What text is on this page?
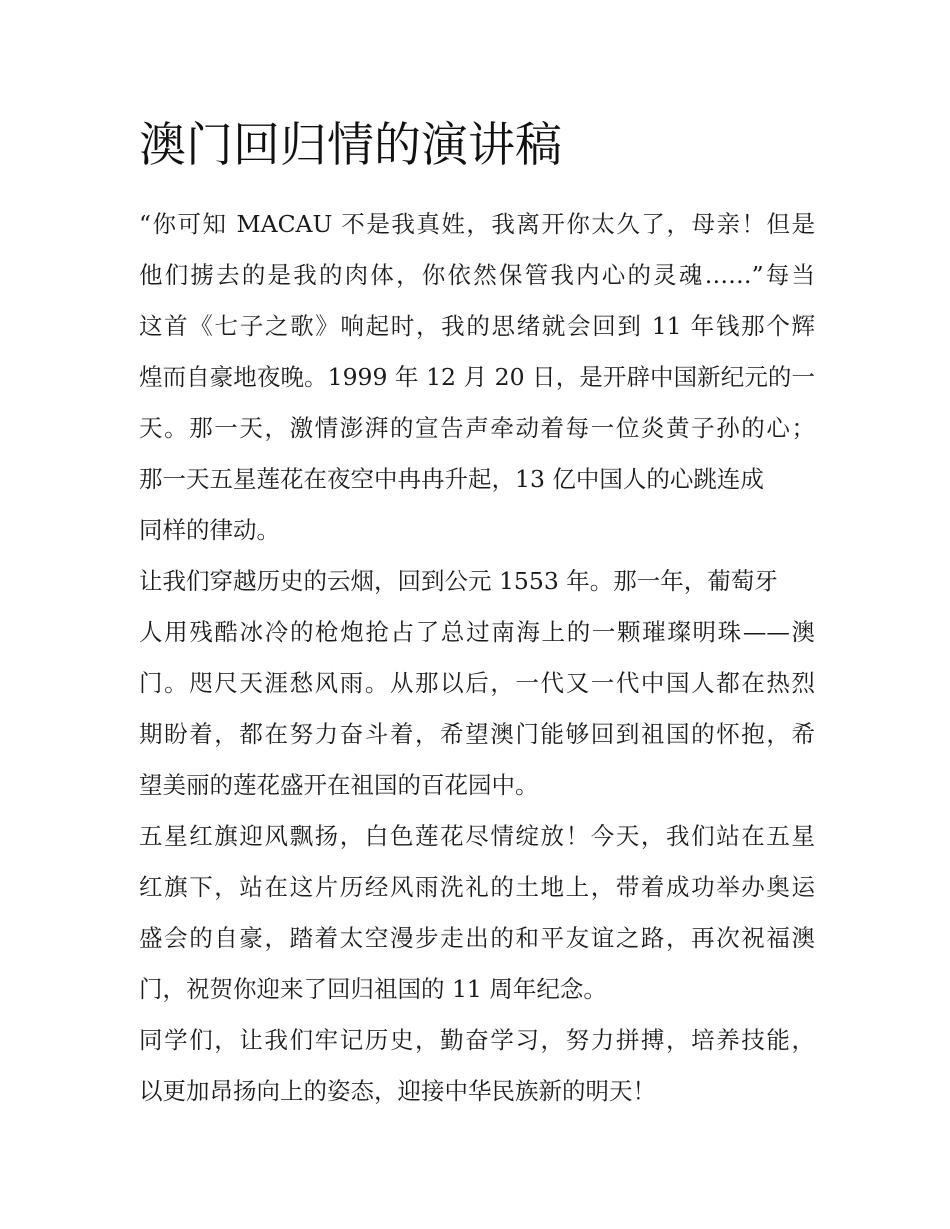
澳门回归情的演讲稿
“你可知 MACAU 不是我真姓，我离开你太久了，母亲！但是
他们掳去的是我的肉体，你依然保管我内心的灵魂……”每当
这首《七子之歌》响起时，我的思绪就会回到 11 年钱那个辉
煌而自豪地夜晚。1999 年 12 月 20 日，是开辟中国新纪元的一
天。那一天，激情澎湃的宣告声牵动着每一位炎黄子孙的心；
那一天五星莲花在夜空中冉冉升起，13 亿中国人的心跳连成
同样的律动。
让我们穿越历史的云烟，回到公元 1553 年。那一年，葡萄牙
人用残酷冰冷的枪炮抢占了总过南海上的一颗璀璨明珠——澳
门。咫尺天涯愁风雨。从那以后，一代又一代中国人都在热烈
期盼着，都在努力奋斗着，希望澳门能够回到祖国的怀抱，希
望美丽的莲花盛开在祖国的百花园中。
五星红旗迎风飘扬，白色莲花尽情绽放！今天，我们站在五星
红旗下，站在这片历经风雨洗礼的土地上，带着成功举办奥运
盛会的自豪，踏着太空漫步走出的和平友谊之路，再次祝福澳
门，祝贺你迎来了回归祖国的 11 周年纪念。
同学们，让我们牢记历史，勤奋学习，努力拼搏，培养技能，
以更加昂扬向上的姿态，迎接中华民族新的明天！
